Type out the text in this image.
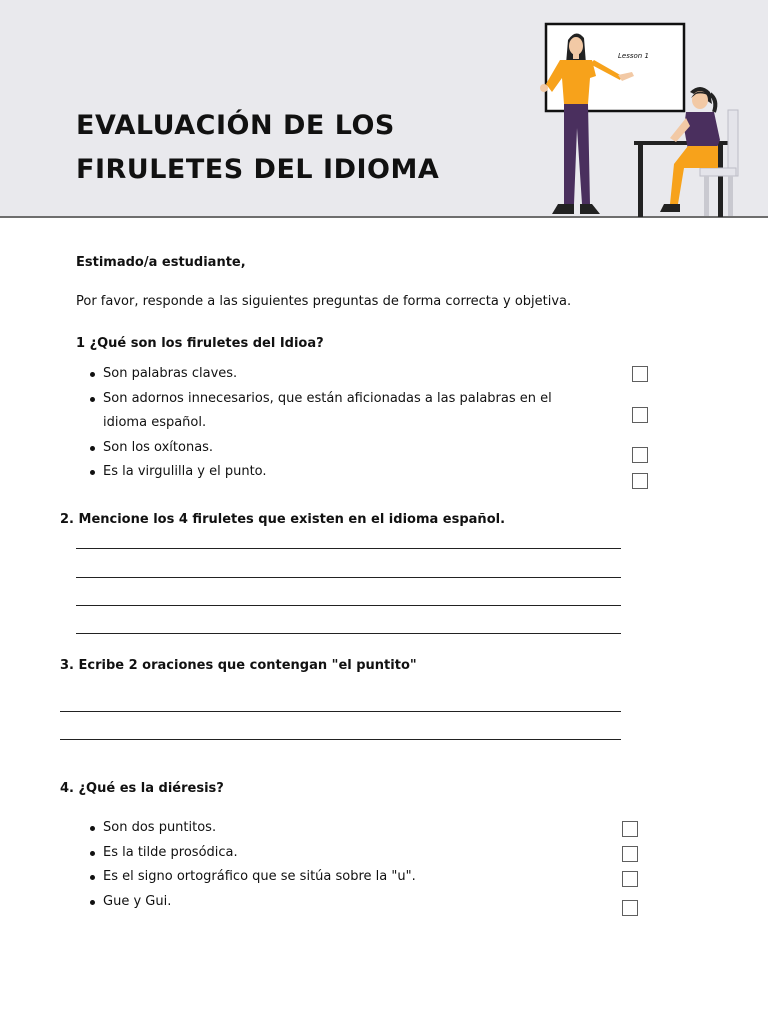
EVALUACIÓN DE LOS FIRULETES DEL IDIOMA
Lesson 1

Estimado/a estudiante,

Por favor, responde a las siguientes preguntas de forma correcta y objetiva.

1 ¿Qué son los firuletes del Idioa?

Son palabras claves.
Son adornos innecesarios, que están aficionadas a las palabras en el idioma español.
Son los oxítonas.
Es la virgulilla y el punto.

2. Mencione los 4 firuletes que existen en el idioma español.

3. Ecribe 2 oraciones que contengan "el puntito"

4. ¿Qué es la diéresis?

Son dos puntitos.
Es la tilde prosódica.
Es el signo ortográfico que se sitúa sobre la "u".
Gue y Gui.
